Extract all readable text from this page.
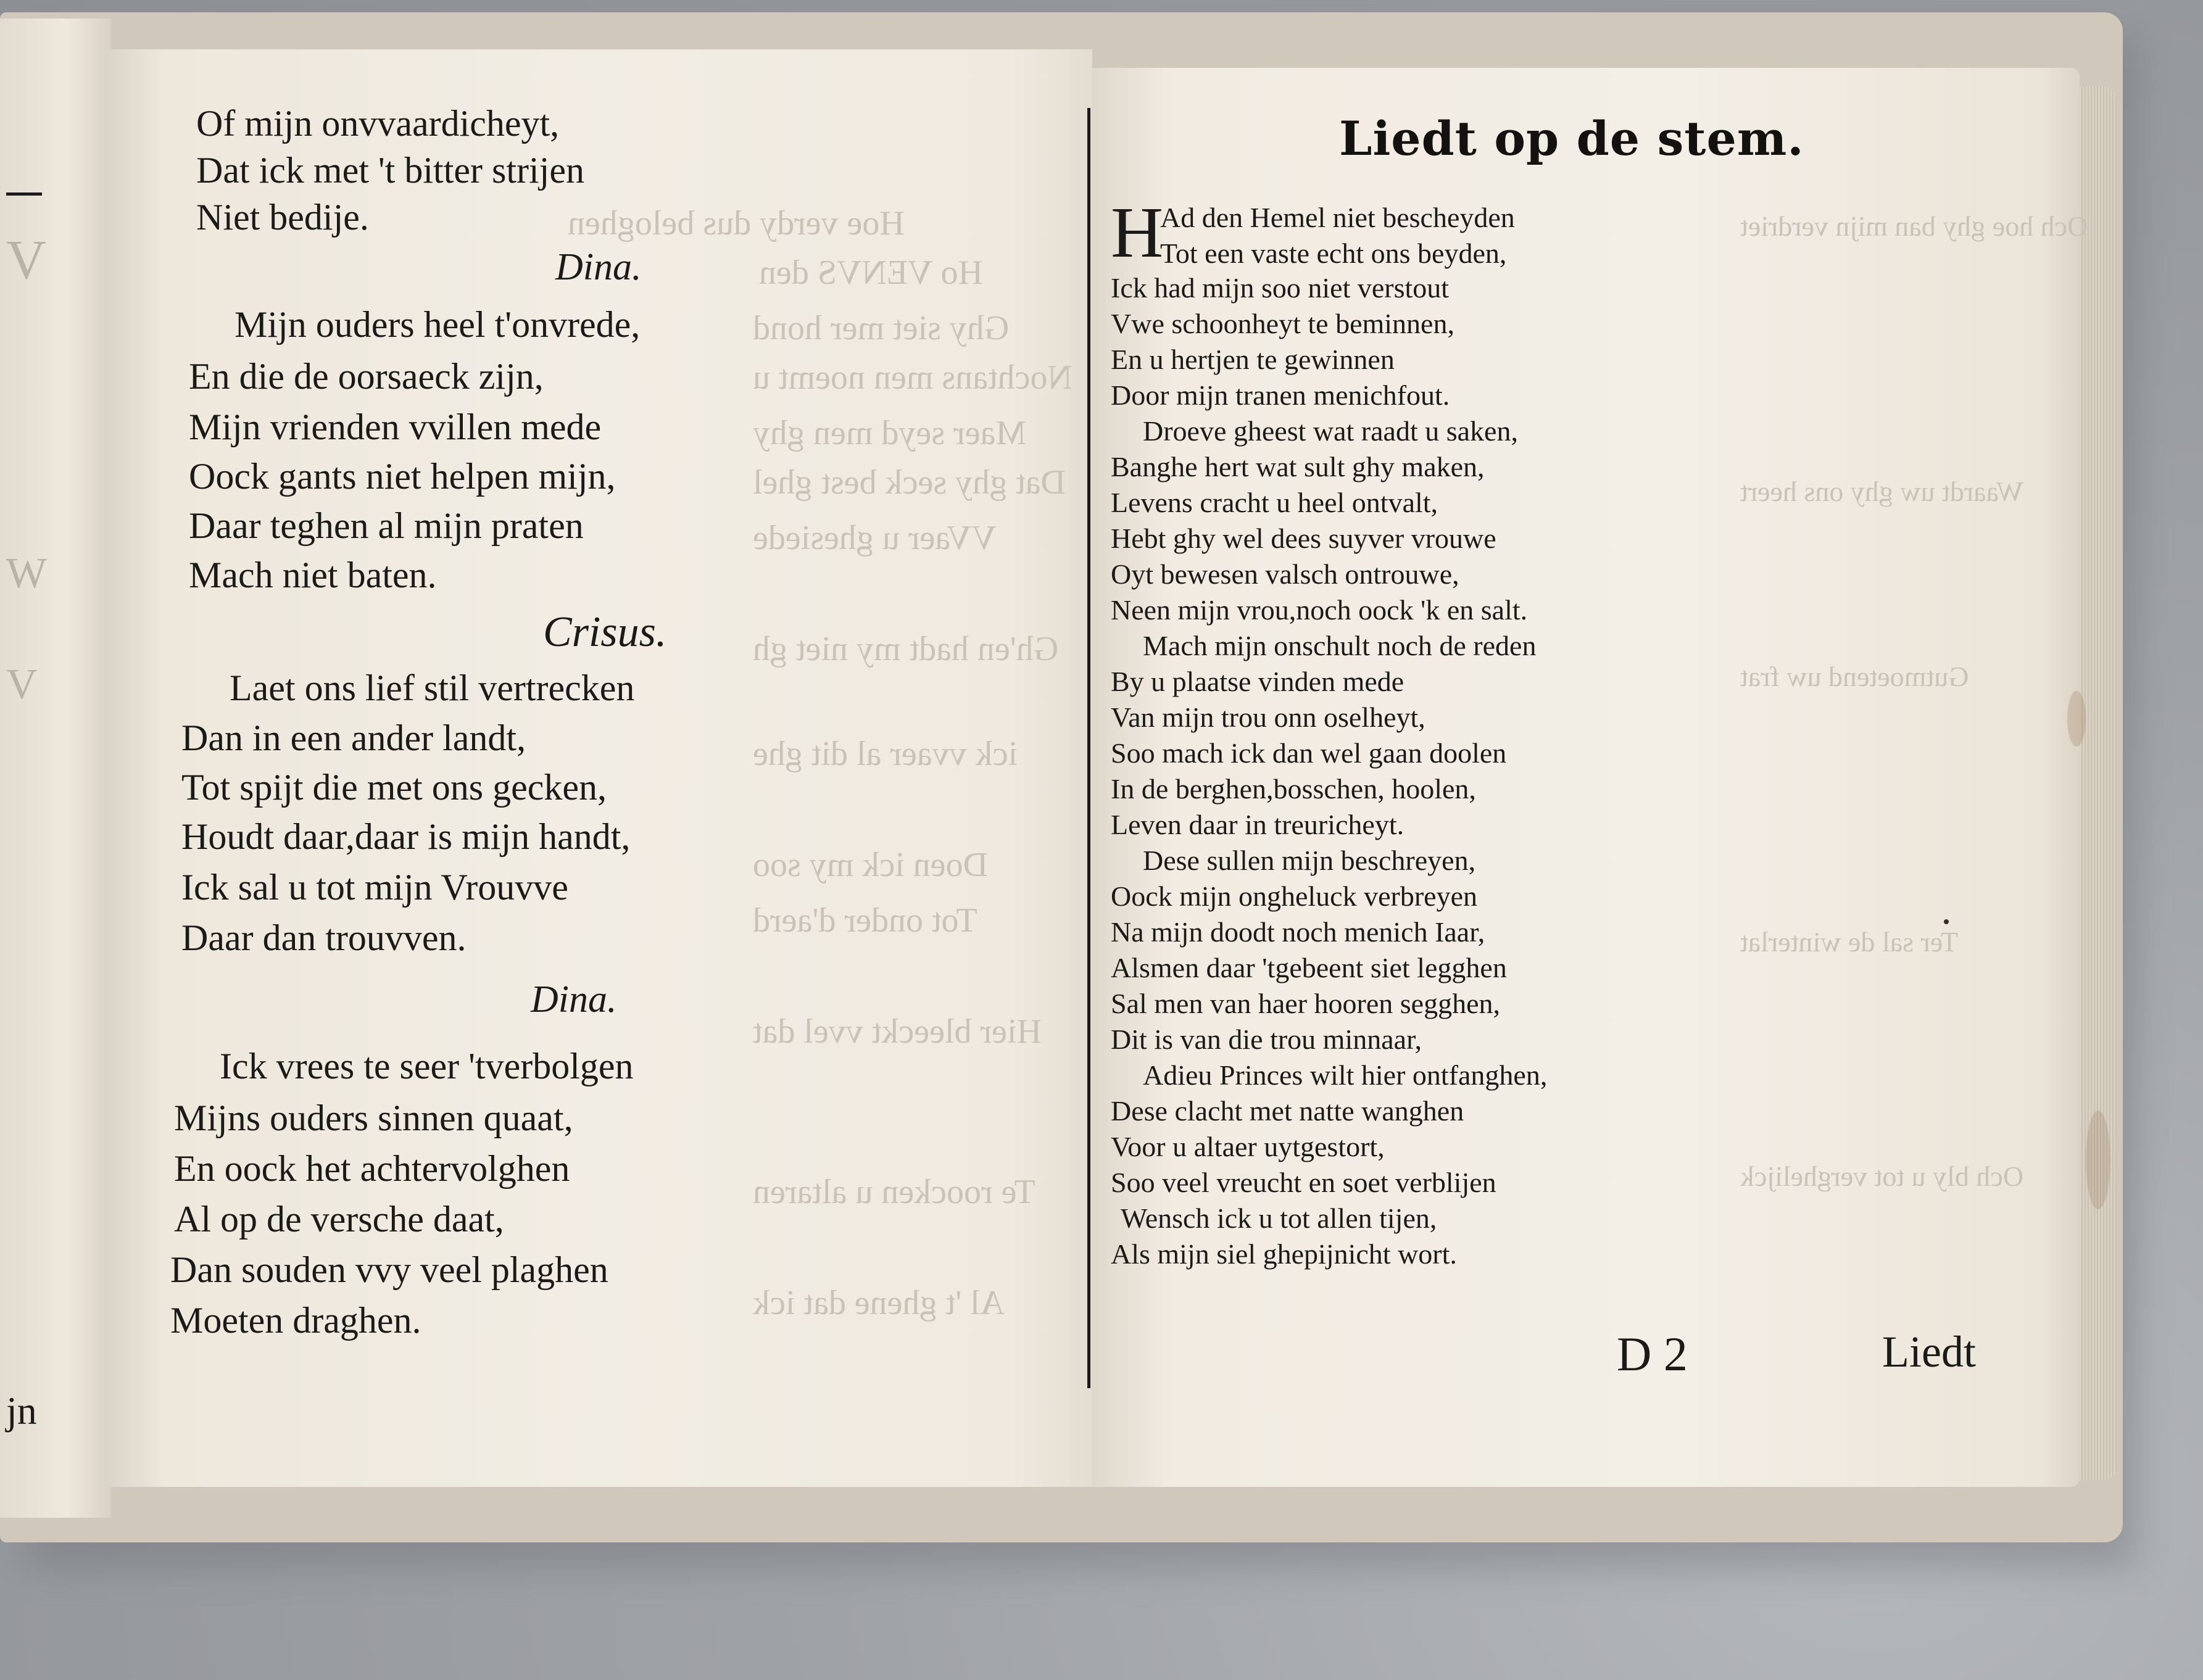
V
W
V
jn
Hoe verdy dus beloghen
Ho VENVS den
Ghy siet mer hond
Nochtans men noemt u
Maer seyd men ghy
Dat ghy seck best ghel
VVaer u ghesiede
Gh'en hadt my niet gh
ick vvaer al dit ghe
Doen ick my soo
Tot onder d'aerd
Hier bleeckt vvel dat
Te roocken u altaren
Al 't ghene dat ick
Och hoe ghy ban mijn verdriet
Waardt uw ghy ons heert
Gutmoetend uw frat
Ter sal de winterlat
Och bly u tot verghelijck
Of mijn onvvaardicheyt,
Dat ick met 't bitter strijen
Niet bedije.
Dina.
Mijn ouders heel t'onvrede,
En die de oorsaeck zijn,
Mijn vrienden vvillen mede
Oock gants niet helpen mijn,
Daar teghen al mijn praten
Mach niet baten.
Crisus.
Laet ons lief stil vertrecken
Dan in een ander landt,
Tot spijt die met ons gecken,
Houdt daar,daar is mijn handt,
Ick sal u tot mijn Vrouvve
Daar dan trouvven.
Dina.
Ick vrees te seer 'tverbolgen
Mijns ouders sinnen quaat,
En oock het achtervolghen
Al op de versche daat,
Dan souden vvy veel plaghen
Moeten draghen.
Liedt op de stem.
H
Ad den Hemel niet bescheyden
Tot een vaste echt ons beyden,
Ick had mijn soo niet verstout
Vwe schoonheyt te beminnen,
En u hertjen te gewinnen
Door mijn tranen menichfout.
Droeve gheest wat raadt u saken,
Banghe hert wat sult ghy maken,
Levens cracht u heel ontvalt,
Hebt ghy wel dees suyver vrouwe
Oyt bewesen valsch ontrouwe,
Neen mijn vrou,noch oock 'k en salt.
Mach mijn onschult noch de reden
By u plaatse vinden mede
Van mijn trou onn oselheyt,
Soo mach ick dan wel gaan doolen
In de berghen,bosschen, hoolen,
Leven daar in treuricheyt.
Dese sullen mijn beschreyen,
Oock mijn ongheluck verbreyen
Na mijn doodt noch menich Iaar,
Alsmen daar 'tgebeent siet legghen
Sal men van haer hooren segghen,
Dit is van die trou minnaar,
Adieu Princes wilt hier ontfanghen,
Dese clacht met natte wanghen
Voor u altaer uytgestort,
Soo veel vreucht en soet verblijen
Wensch ick u tot allen tijen,
Als mijn siel ghepijnicht wort.
D 2	Liedt
